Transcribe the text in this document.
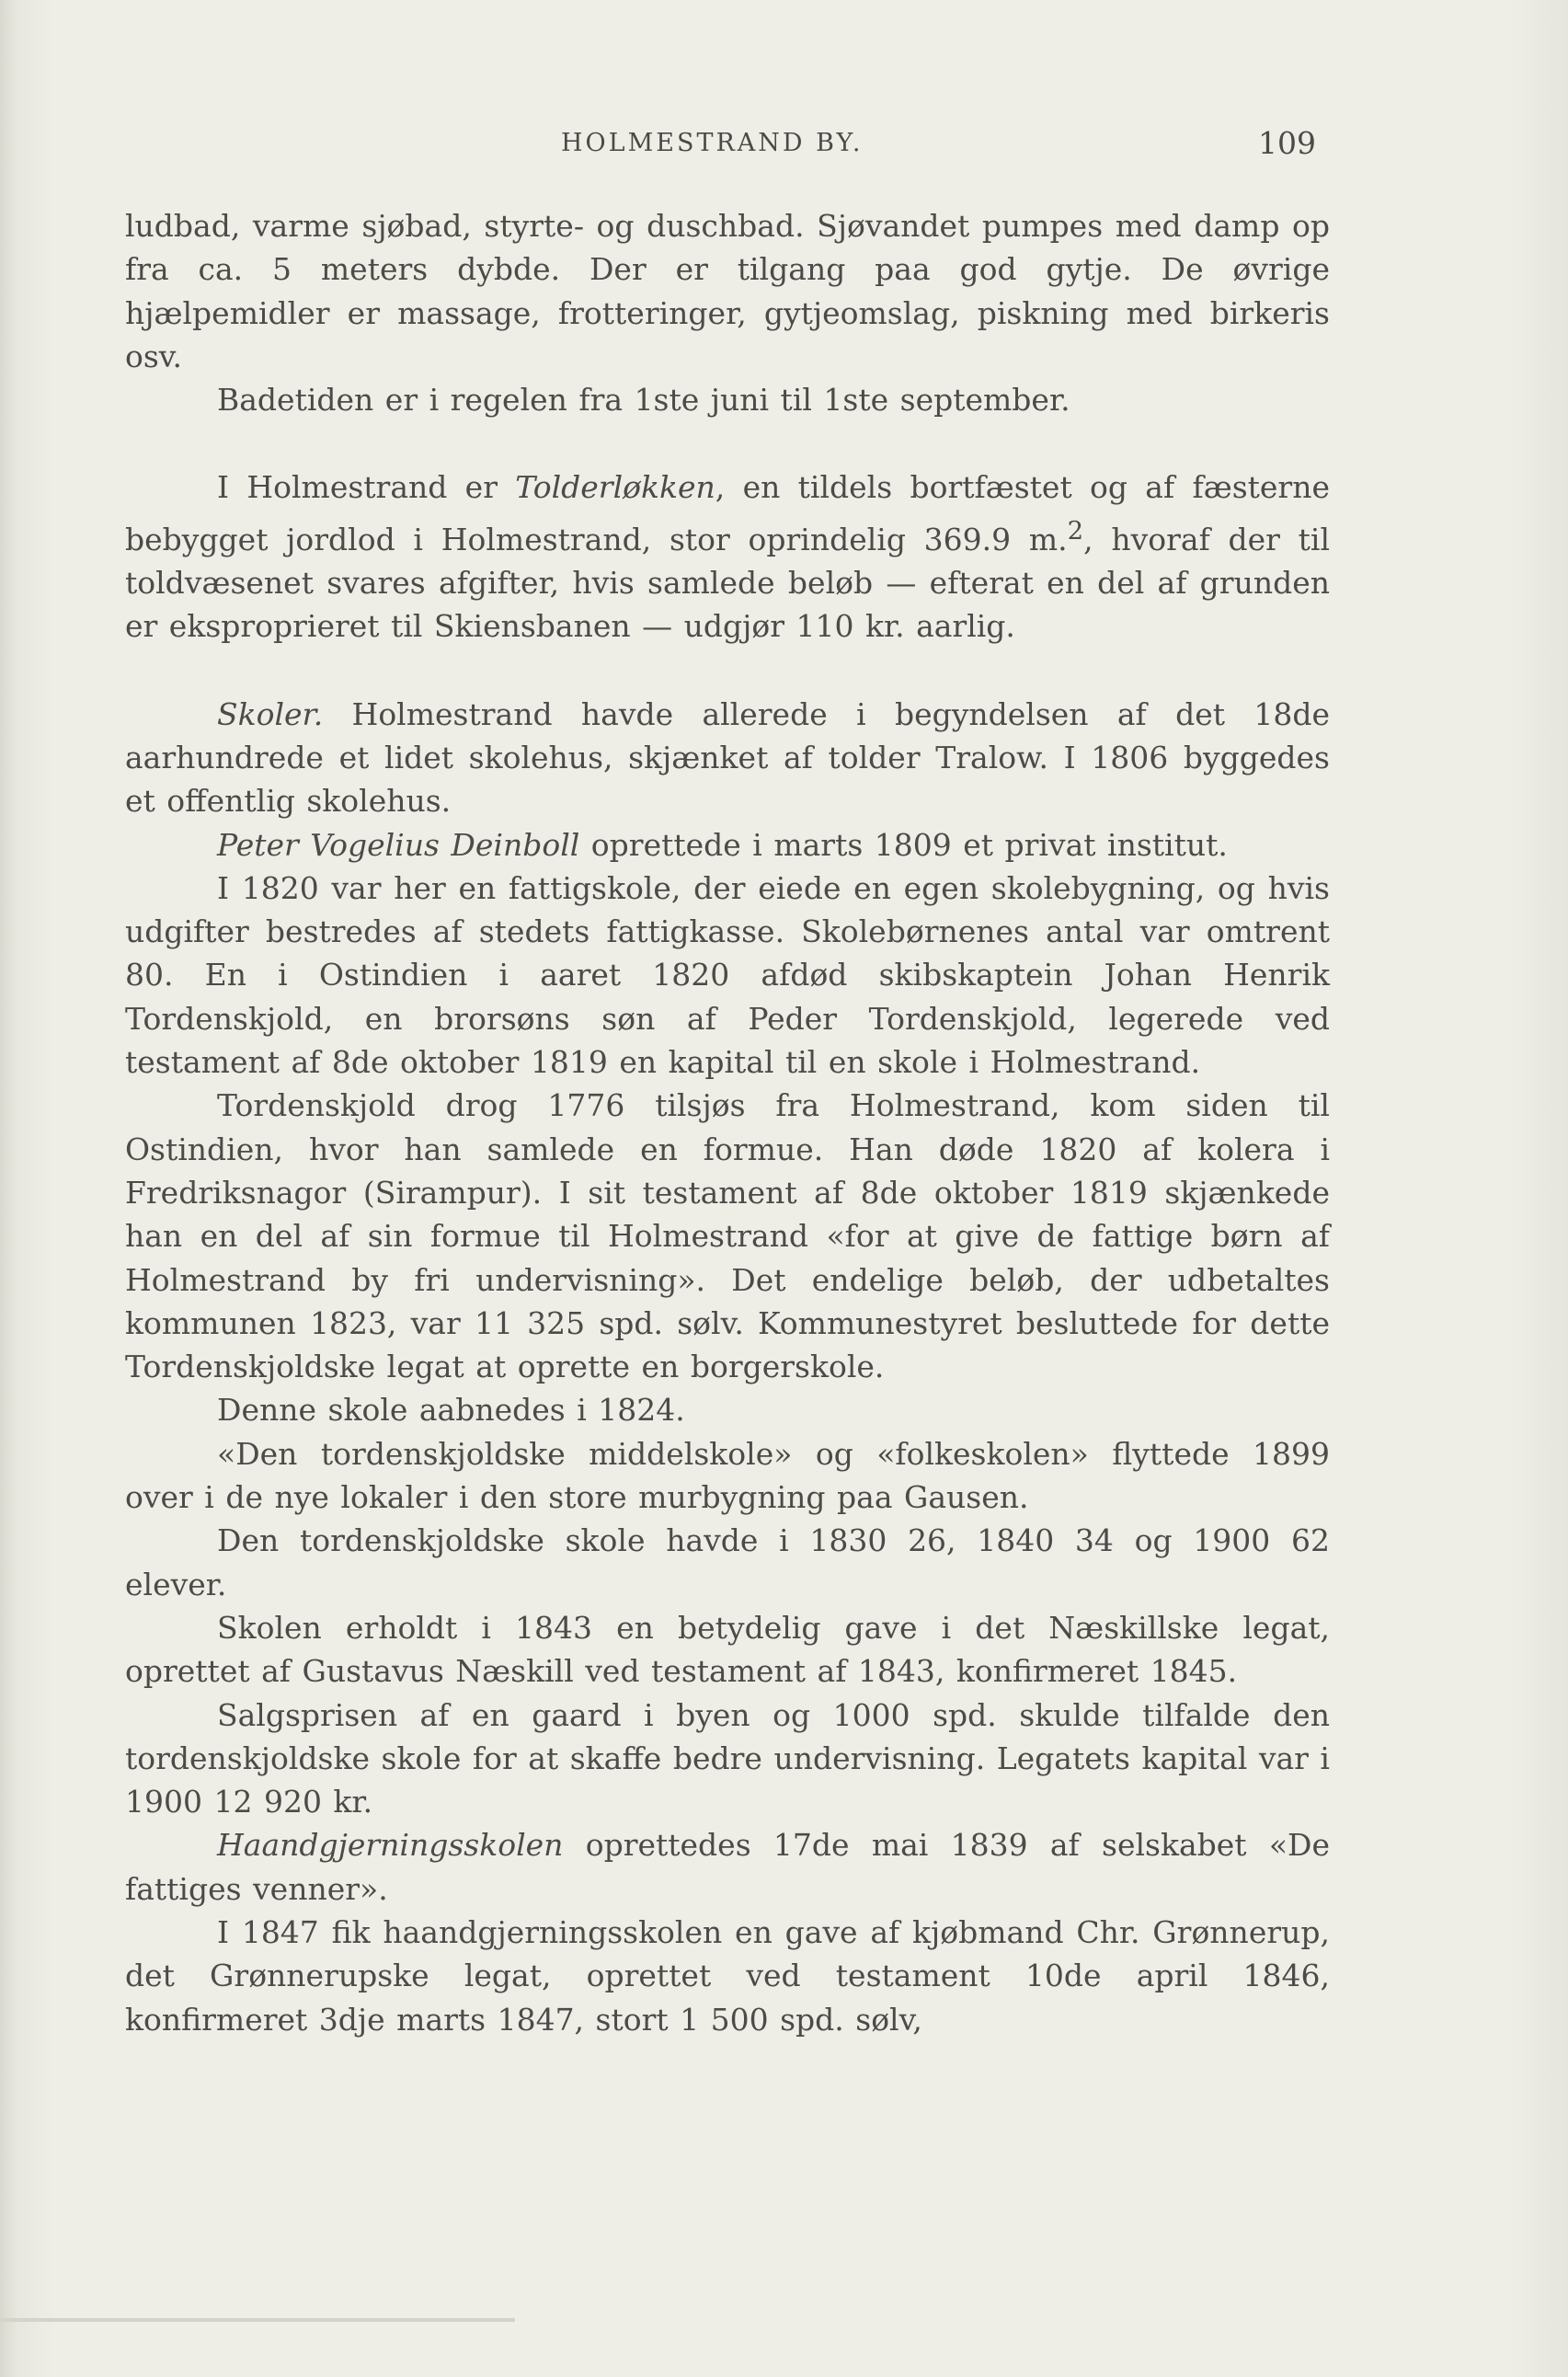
HOLMESTRAND BY.	109

ludbad, varme sjøbad, styrte- og duschbad. Sjøvandet pumpes med damp op fra ca. 5 meters dybde. Der er tilgang paa god gytje. De øvrige hjælpemidler er massage, frotteringer, gytjeomslag, piskning med birkeris osv.

Badetiden er i regelen fra 1ste juni til 1ste september.

I Holmestrand er Tolderløkken, en tildels bortfæstet og af fæsterne bebygget jordlod i Holmestrand, stor oprindelig 369.9 m.$^2$, hvoraf der til toldvæsenet svares afgifter, hvis samlede beløb — efterat en del af grunden er eksproprieret til Skiensbanen — udgjør 110 kr. aarlig.

Skoler. Holmestrand havde allerede i begyndelsen af det 18de aarhundrede et lidet skolehus, skjænket af tolder Tralow. I 1806 byggedes et offentlig skolehus.

Peter Vogelius Deinboll oprettede i marts 1809 et privat institut.

I 1820 var her en fattigskole, der eiede en egen skolebygning, og hvis udgifter bestredes af stedets fattigkasse. Skolebørnenes antal var omtrent 80. En i Ostindien i aaret 1820 afdød skibskaptein Johan Henrik Tordenskjold, en brorsøns søn af Peder Tordenskjold, legerede ved testament af 8de oktober 1819 en kapital til en skole i Holmestrand.

Tordenskjold drog 1776 tilsjøs fra Holmestrand, kom siden til Ostindien, hvor han samlede en formue. Han døde 1820 af kolera i Fredriksnagor (Sirampur). I sit testament af 8de oktober 1819 skjænkede han en del af sin formue til Holmestrand «for at give de fattige børn af Holmestrand by fri undervisning». Det endelige beløb, der udbetaltes kommunen 1823, var 11 325 spd. sølv. Kommunestyret besluttede for dette Tordenskjoldske legat at oprette en borgerskole.

Denne skole aabnedes i 1824.

«Den tordenskjoldske middelskole» og «folkeskolen» flyttede 1899 over i de nye lokaler i den store murbygning paa Gausen.

Den tordenskjoldske skole havde i 1830 26, 1840 34 og 1900 62 elever.

Skolen erholdt i 1843 en betydelig gave i det Næskillske legat, oprettet af Gustavus Næskill ved testament af 1843, konfirmeret 1845.

Salgsprisen af en gaard i byen og 1000 spd. skulde tilfalde den tordenskjoldske skole for at skaffe bedre undervisning. Legatets kapital var i 1900 12 920 kr.

Haandgjerningsskolen oprettedes 17de mai 1839 af selskabet «De fattiges venner».

I 1847 fik haandgjerningsskolen en gave af kjøbmand Chr. Grønnerup, det Grønnerupske legat, oprettet ved testament 10de april 1846, konfirmeret 3dje marts 1847, stort 1 500 spd. sølv,
